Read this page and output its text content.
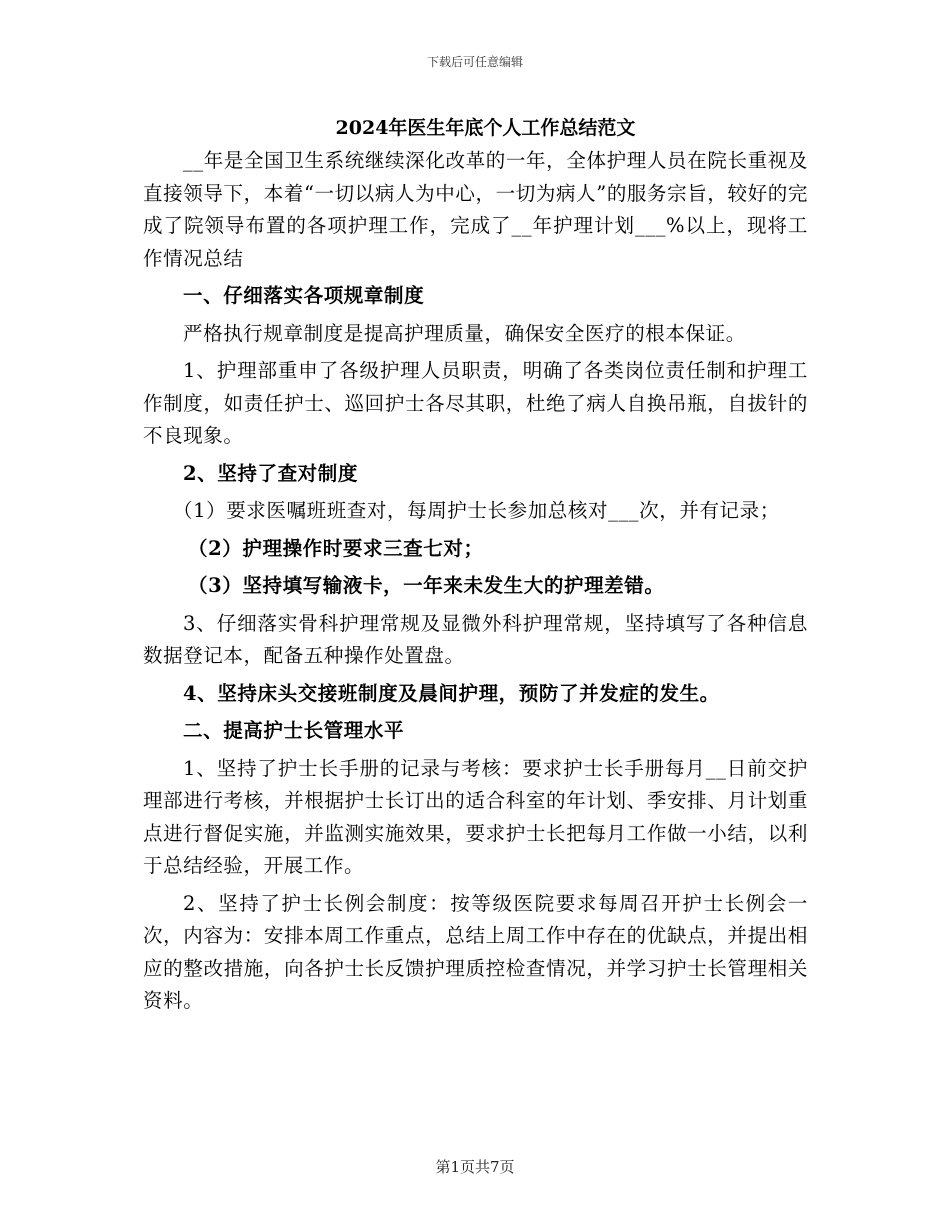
下载后可任意编辑
2024年医生年底个人工作总结范文

__年是全国卫生系统继续深化改革的一年，全体护理人员在院长重视及直接领导下，本着“一切以病人为中心，一切为病人”的服务宗旨，较好的完成了院领导布置的各项护理工作，完成了__年护理计划___%以上，现将工作情况总结

一、仔细落实各项规章制度

严格执行规章制度是提高护理质量，确保安全医疗的根本保证。

1、护理部重申了各级护理人员职责，明确了各类岗位责任制和护理工作制度，如责任护士、巡回护士各尽其职，杜绝了病人自换吊瓶，自拔针的不良现象。

2、坚持了查对制度

（1）要求医嘱班班查对，每周护士长参加总核对___次，并有记录；

（2）护理操作时要求三查七对；

（3）坚持填写输液卡，一年来未发生大的护理差错。

3、仔细落实骨科护理常规及显微外科护理常规，坚持填写了各种信息数据登记本，配备五种操作处置盘。

4、坚持床头交接班制度及晨间护理，预防了并发症的发生。

二、提高护士长管理水平

1、坚持了护士长手册的记录与考核：要求护士长手册每月__日前交护理部进行考核，并根据护士长订出的适合科室的年计划、季安排、月计划重点进行督促实施，并监测实施效果，要求护士长把每月工作做一小结，以利于总结经验，开展工作。

2、坚持了护士长例会制度：按等级医院要求每周召开护士长例会一次，内容为：安排本周工作重点，总结上周工作中存在的优缺点，并提出相应的整改措施，向各护士长反馈护理质控检查情况，并学习护士长管理相关资料。

第1页共7页
